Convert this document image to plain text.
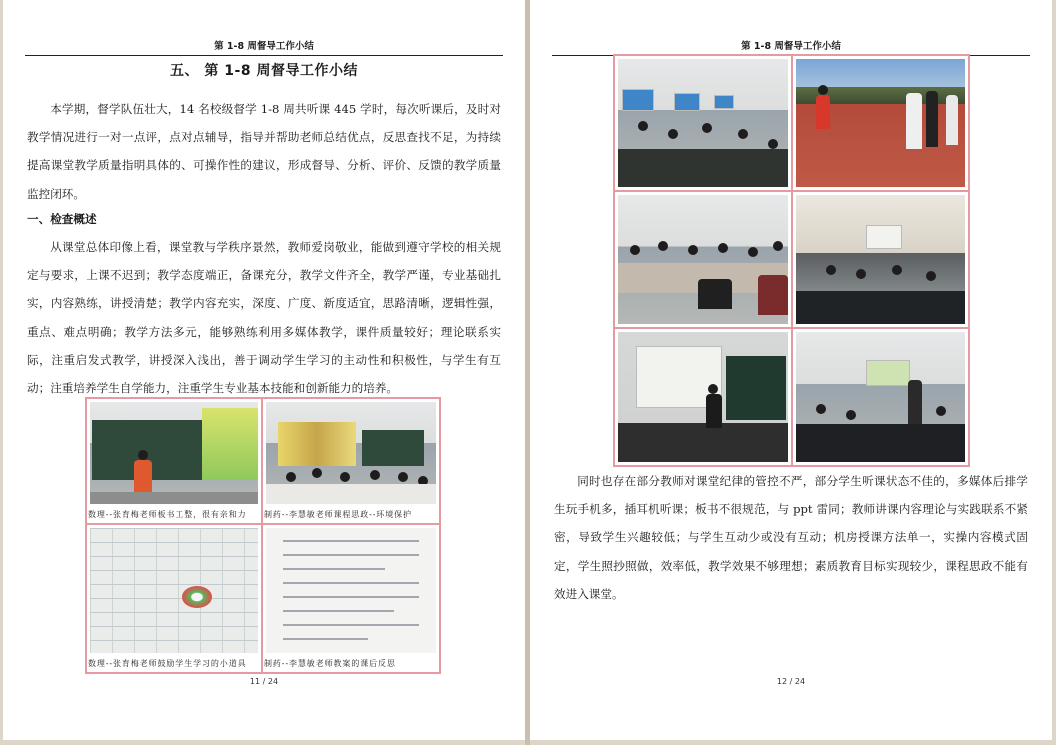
第 1-8 周督导工作小结
五、 第 1-8 周督导工作小结
本学期，督学队伍壮大，14 名校级督学 1-8 周共听课 445 学时，每次听课后，及时对教学情况进行一对一点评，点对点辅导，指导并帮助老师总结优点，反思查找不足，为持续提高课堂教学质量指明具体的、可操作性的建议，形成督导、分析、评价、反馈的教学质量监控闭环。
一、检查概述
从课堂总体印像上看，课堂教与学秩序景然，教师爱岗敬业，能做到遵守学校的相关规定与要求，上课不迟到；教学态度端正，备课充分，教学文件齐全，教学严谨，专业基础扎实，内容熟练，讲授清楚；教学内容充实，深度、广度、新度适宜，思路清晰，逻辑性强，重点、难点明确；教学方法多元，能够熟练利用多媒体教学，课件质量较好；理论联系实际，注重启发式教学，讲授深入浅出，善于调动学生学习的主动性和积极性，与学生有互动；注重培养学生自学能力，注重学生专业基本技能和创新能力的培养。
数理--张育梅老师板书工整，很有亲和力	制药--李慧敏老师课程思政--环境保护
数理--张育梅老师鼓励学生学习的小道具	制药--李慧敏老师教案的课后反思
11 / 24
第 1-8 周督导工作小结
同时也存在部分教师对课堂纪律的管控不严，部分学生听课状态不佳的，多媒体后排学生玩手机多，插耳机听课；板书不很规范，与 ppt 雷同；教师讲课内容理论与实践联系不紧密，导致学生兴趣较低；与学生互动少或没有互动；机房授课方法单一，实操内容模式固定，学生照抄照做，效率低，教学效果不够理想；素质教育目标实现较少，课程思政不能有效进入课堂。
12 / 24
